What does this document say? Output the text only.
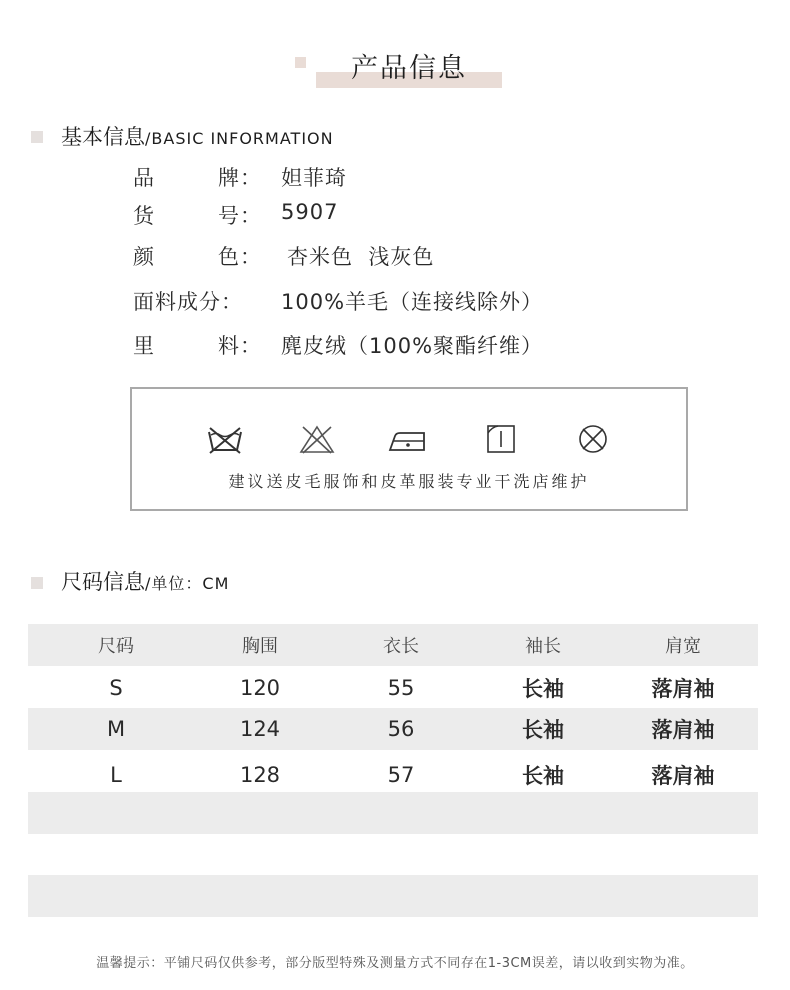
产品信息
基本信息/BASIC INFORMATION
品	牌： 妲菲琦
货	号： 5907
颜	色： 杏米色  浅灰色
面料成分： 100%羊毛（连接线除外）
里	料： 麂皮绒（100%聚酯纤维）
建议送皮毛服饰和皮革服装专业干洗店维护
尺码信息/单位：CM
尺码	胸围	衣长	袖长	肩宽
S	120	55	长袖	落肩袖
M	124	56	长袖	落肩袖
L	128	57	长袖	落肩袖
温馨提示：平铺尺码仅供参考，部分版型特殊及测量方式不同存在1-3CM误差，请以收到实物为准。
